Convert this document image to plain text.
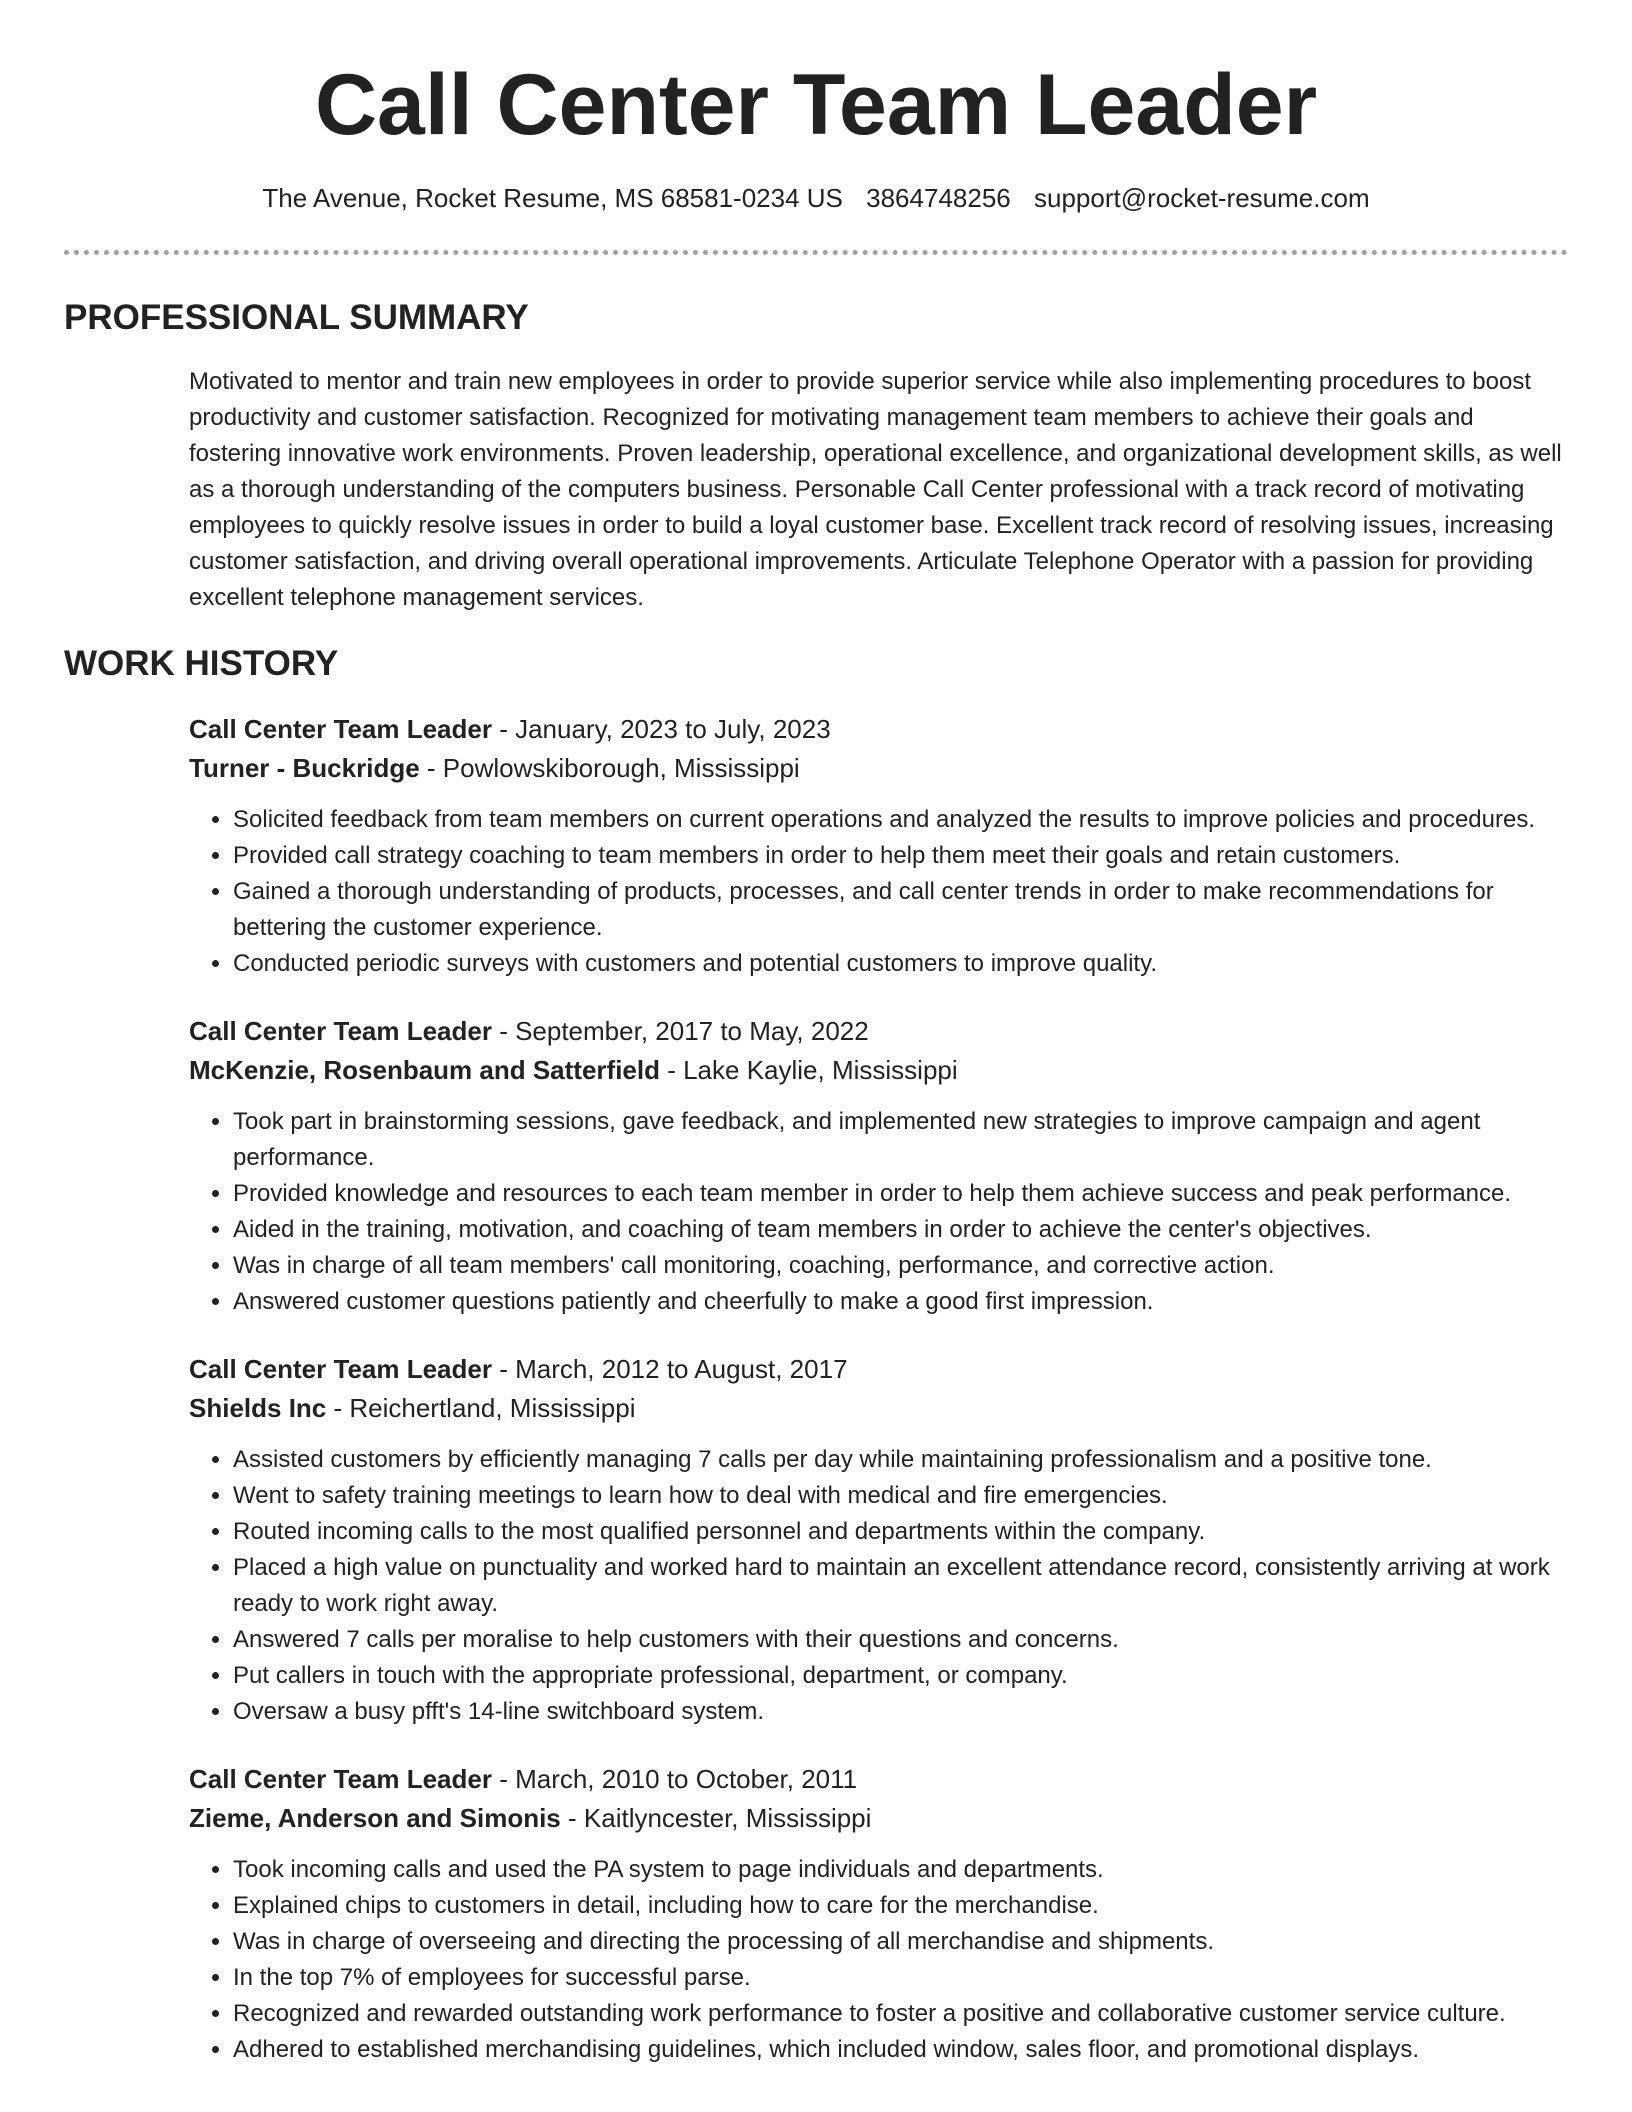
Call Center Team Leader
The Avenue, Rocket Resume, MS 68581-0234 US 3864748256 support@rocket-resume.com
PROFESSIONAL SUMMARY

Motivated to mentor and train new employees in order to provide superior service while also implementing procedures to boost productivity and customer satisfaction. Recognized for motivating management team members to achieve their goals and fostering innovative work environments. Proven leadership, operational excellence, and organizational development skills, as well as a thorough understanding of the computers business. Personable Call Center professional with a track record of motivating employees to quickly resolve issues in order to build a loyal customer base. Excellent track record of resolving issues, increasing customer satisfaction, and driving overall operational improvements. Articulate Telephone Operator with a passion for providing excellent telephone management services.

WORK HISTORY

Call Center Team Leader - January, 2023 to July, 2023

Turner - Buckridge - Powlowskiborough, Mississippi

• Solicited feedback from team members on current operations and analyzed the results to improve policies and procedures.
• Provided call strategy coaching to team members in order to help them meet their goals and retain customers.
• Gained a thorough understanding of products, processes, and call center trends in order to make recommendations for bettering the customer experience.
• Conducted periodic surveys with customers and potential customers to improve quality.

Call Center Team Leader - September, 2017 to May, 2022

McKenzie, Rosenbaum and Satterfield - Lake Kaylie, Mississippi

• Took part in brainstorming sessions, gave feedback, and implemented new strategies to improve campaign and agent performance.
• Provided knowledge and resources to each team member in order to help them achieve success and peak performance.
• Aided in the training, motivation, and coaching of team members in order to achieve the center's objectives.
• Was in charge of all team members' call monitoring, coaching, performance, and corrective action.
• Answered customer questions patiently and cheerfully to make a good first impression.

Call Center Team Leader - March, 2012 to August, 2017

Shields Inc - Reichertland, Mississippi

• Assisted customers by efficiently managing 7 calls per day while maintaining professionalism and a positive tone.
• Went to safety training meetings to learn how to deal with medical and fire emergencies.
• Routed incoming calls to the most qualified personnel and departments within the company.
• Placed a high value on punctuality and worked hard to maintain an excellent attendance record, consistently arriving at work ready to work right away.
• Answered 7 calls per moralise to help customers with their questions and concerns.
• Put callers in touch with the appropriate professional, department, or company.
• Oversaw a busy pfft's 14-line switchboard system.

Call Center Team Leader - March, 2010 to October, 2011

Zieme, Anderson and Simonis - Kaitlyncester, Mississippi

• Took incoming calls and used the PA system to page individuals and departments.
• Explained chips to customers in detail, including how to care for the merchandise.
• Was in charge of overseeing and directing the processing of all merchandise and shipments.
• In the top 7% of employees for successful parse.
• Recognized and rewarded outstanding work performance to foster a positive and collaborative customer service culture.
• Adhered to established merchandising guidelines, which included window, sales floor, and promotional displays.
